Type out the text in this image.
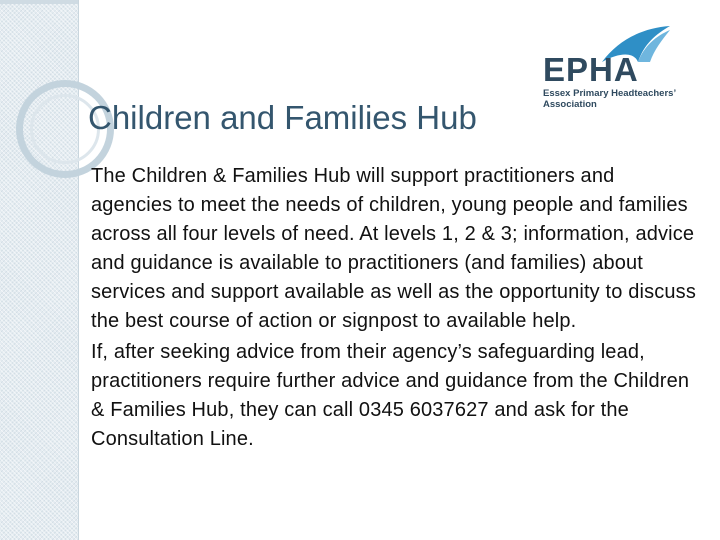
EPHA
Essex Primary Headteachers’
Association
Children and Families Hub

The Children & Families Hub will support practitioners and agencies to meet the needs of children, young people and families across all four levels of need. At levels 1, 2 & 3; information, advice and guidance is available to practitioners (and families) about services and support available as well as the opportunity to discuss the best course of action or signpost to available help.

If, after seeking advice from their agency’s safeguarding lead, practitioners require further advice and guidance from the Children & Families Hub, they can call 0345 6037627 and ask for the Consultation Line.
